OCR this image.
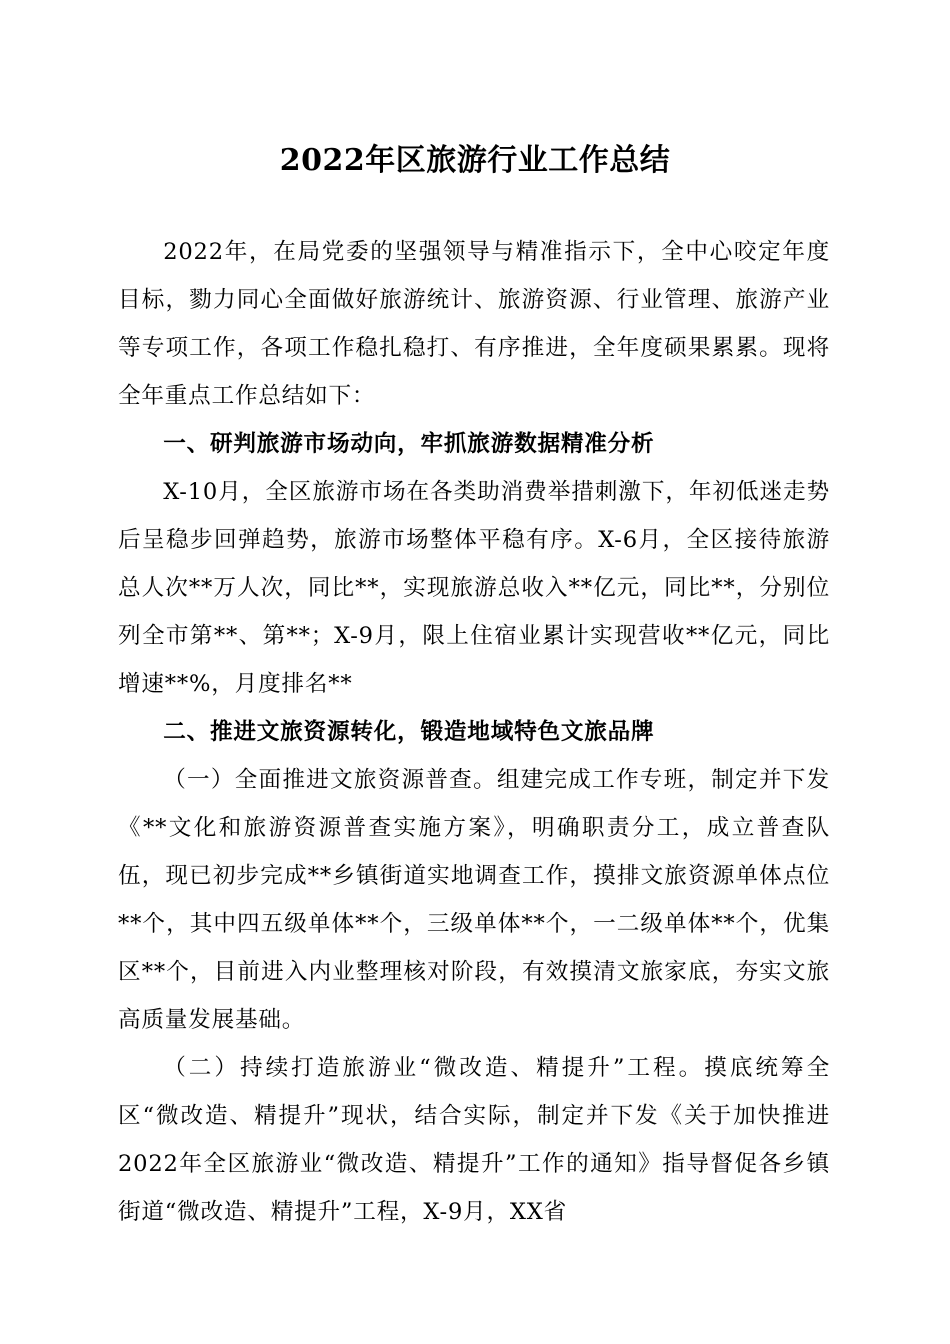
2022年区旅游行业工作总结

2022年，在局党委的坚强领导与精准指示下，全中心咬定年度目标，勠力同心全面做好旅游统计、旅游资源、行业管理、旅游产业等专项工作，各项工作稳扎稳打、有序推进，全年度硕果累累。现将全年重点工作总结如下：

一、研判旅游市场动向，牢抓旅游数据精准分析

X-10月，全区旅游市场在各类助消费举措刺激下，年初低迷走势后呈稳步回弹趋势，旅游市场整体平稳有序。X-6月，全区接待旅游总人次**万人次，同比**，实现旅游总收入**亿元，同比**，分别位列全市第**、第**；X-9月，限上住宿业累计实现营收**亿元，同比增速**%，月度排名**

二、推进文旅资源转化，锻造地域特色文旅品牌

（一）全面推进文旅资源普查。组建完成工作专班，制定并下发《**文化和旅游资源普查实施方案》，明确职责分工，成立普查队伍，现已初步完成**乡镇街道实地调查工作，摸排文旅资源单体点位**个，其中四五级单体**个，三级单体**个，一二级单体**个，优集区**个，目前进入内业整理核对阶段，有效摸清文旅家底，夯实文旅高质量发展基础。

（二）持续打造旅游业“微改造、精提升”工程。摸底统筹全区“微改造、精提升”现状，结合实际，制定并下发《关于加快推进2022年全区旅游业“微改造、精提升”工作的通知》指导督促各乡镇街道“微改造、精提升”工程，X-9月，XX省
